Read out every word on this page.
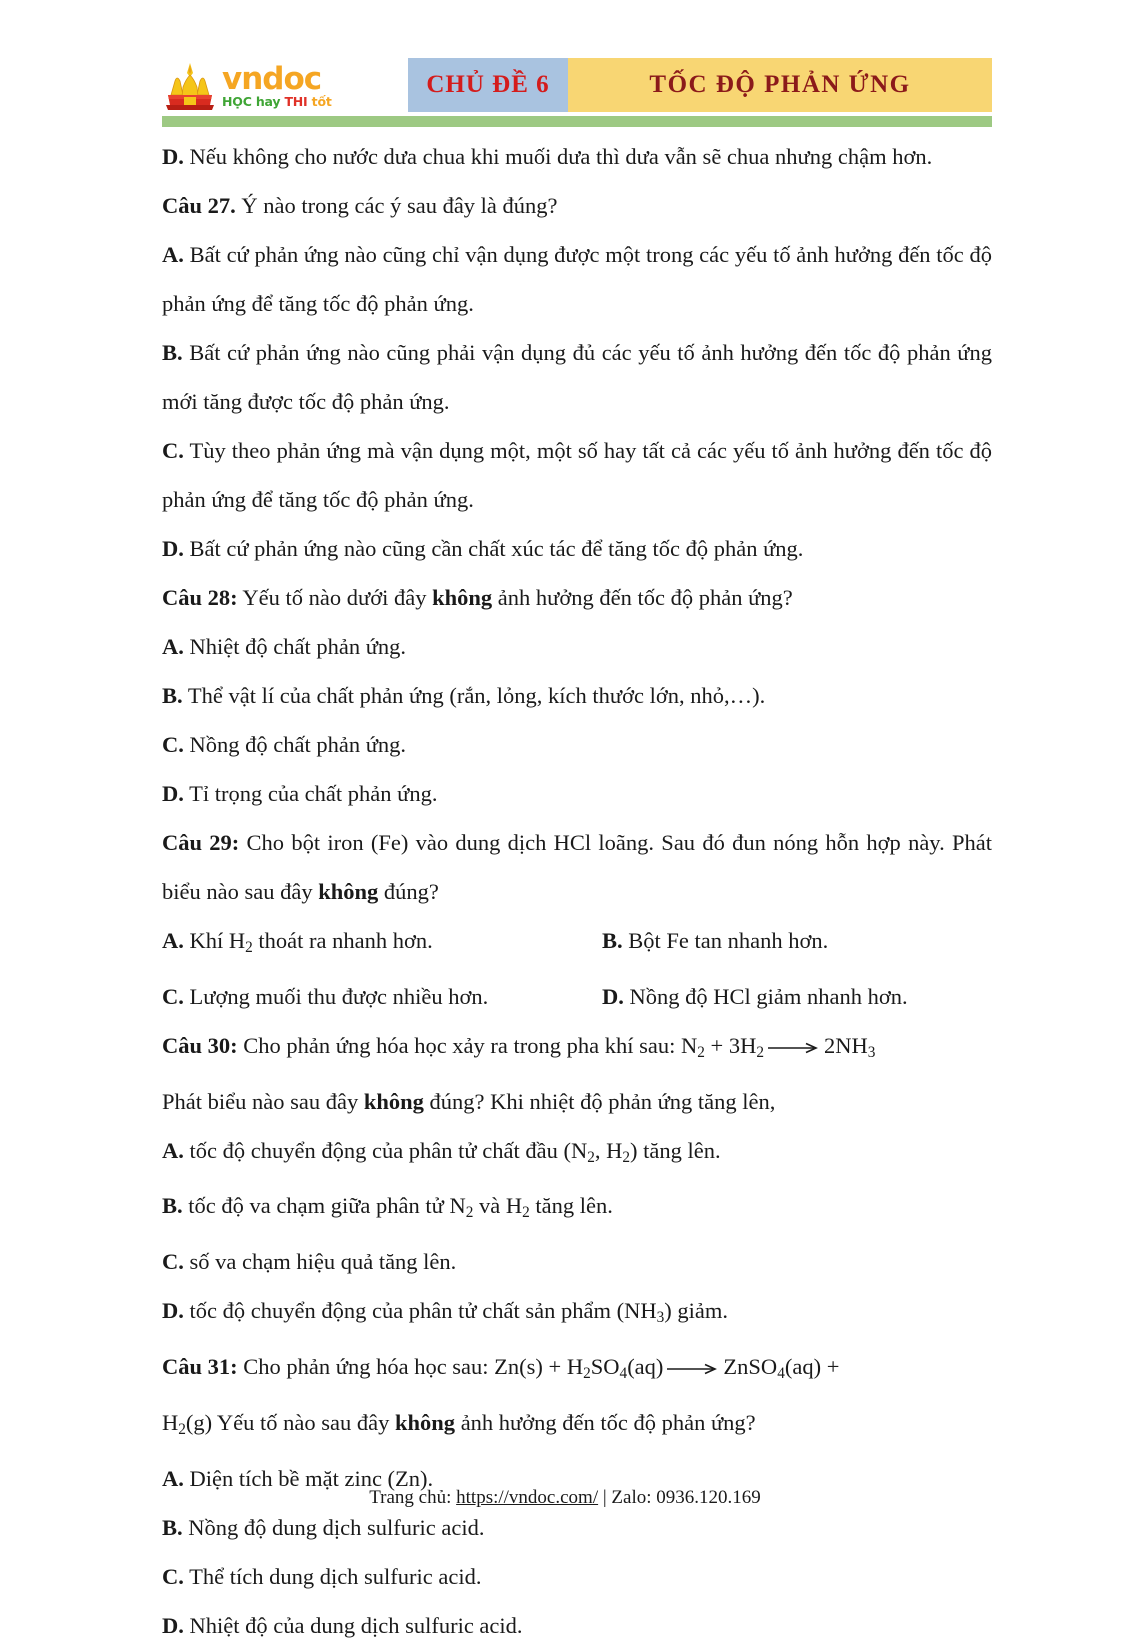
vndoc
HỌC hay THI tốt
CHỦ ĐỀ 6	TỐC ĐỘ PHẢN ỨNG

D. Nếu không cho nước dưa chua khi muối dưa thì dưa vẫn sẽ chua nhưng chậm hơn.

Câu 27. Ý nào trong các ý sau đây là đúng?

A. Bất cứ phản ứng nào cũng chỉ vận dụng được một trong các yếu tố ảnh hưởng đến tốc độ phản ứng để tăng tốc độ phản ứng.

B. Bất cứ phản ứng nào cũng phải vận dụng đủ các yếu tố ảnh hưởng đến tốc độ phản ứng mới tăng được tốc độ phản ứng.

C. Tùy theo phản ứng mà vận dụng một, một số hay tất cả các yếu tố ảnh hưởng đến tốc độ phản ứng để tăng tốc độ phản ứng.

D. Bất cứ phản ứng nào cũng cần chất xúc tác để tăng tốc độ phản ứng.

Câu 28: Yếu tố nào dưới đây không ảnh hưởng đến tốc độ phản ứng?

A. Nhiệt độ chất phản ứng.

B. Thể vật lí của chất phản ứng (rắn, lỏng, kích thước lớn, nhỏ,…).

C. Nồng độ chất phản ứng.

D. Tỉ trọng của chất phản ứng.

Câu 29: Cho bột iron (Fe) vào dung dịch HCl loãng. Sau đó đun nóng hỗn hợp này. Phát biểu nào sau đây không đúng?

A. Khí $H_2$ thoát ra nhanh hơn.	B. Bột Fe tan nhanh hơn.

C. Lượng muối thu được nhiều hơn.	D. Nồng độ HCl giảm nhanh hơn.

Câu 30: Cho phản ứng hóa học xảy ra trong pha khí sau: $N_2 + 3H_2\to 2NH_3$

Phát biểu nào sau đây không đúng? Khi nhiệt độ phản ứng tăng lên,

A. tốc độ chuyển động của phân tử chất đầu ($N_2$, $H_2$) tăng lên.

B. tốc độ va chạm giữa phân tử $N_2$ và $H_2$ tăng lên.

C. số va chạm hiệu quả tăng lên.

D. tốc độ chuyển động của phân tử chất sản phẩm $(NH_3)$ giảm.

Câu 31: Cho phản ứng hóa học sau: $Zn(s) + H_2SO_4(aq)\to ZnSO_4(aq)$ +

$H_2(g)$ Yếu tố nào sau đây không ảnh hưởng đến tốc độ phản ứng?

A. Diện tích bề mặt zinc (Zn).

B. Nồng độ dung dịch sulfuric acid.

C. Thể tích dung dịch sulfuric acid.

D. Nhiệt độ của dung dịch sulfuric acid.

Trang chủ: https://vndoc.com/ | Zalo: 0936.120.169
